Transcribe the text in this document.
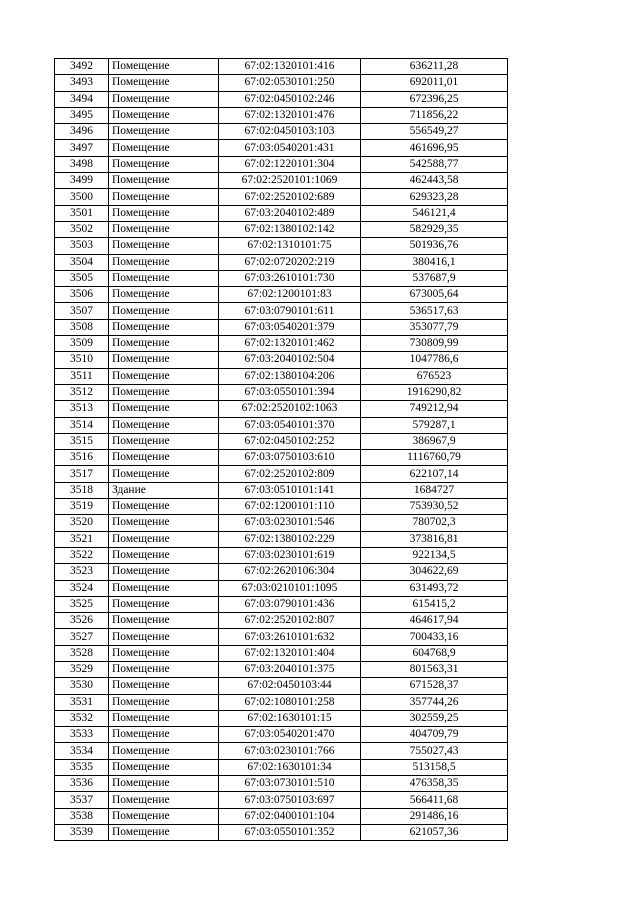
3492	Помещение	67:02:1320101:416	636211,28
3493	Помещение	67:02:0530101:250	692011,01
3494	Помещение	67:02:0450102:246	672396,25
3495	Помещение	67:02:1320101:476	711856,22
3496	Помещение	67:02:0450103:103	556549,27
3497	Помещение	67:03:0540201:431	461696,95
3498	Помещение	67:02:1220101:304	542588,77
3499	Помещение	67:02:2520101:1069	462443,58
3500	Помещение	67:02:2520102:689	629323,28
3501	Помещение	67:03:2040102:489	546121,4
3502	Помещение	67:02:1380102:142	582929,35
3503	Помещение	67:02:1310101:75	501936,76
3504	Помещение	67:02:0720202:219	380416,1
3505	Помещение	67:03:2610101:730	537687,9
3506	Помещение	67:02:1200101:83	673005,64
3507	Помещение	67:03:0790101:611	536517,63
3508	Помещение	67:03:0540201:379	353077,79
3509	Помещение	67:02:1320101:462	730809,99
3510	Помещение	67:03:2040102:504	1047786,6
3511	Помещение	67:02:1380104:206	676523
3512	Помещение	67:03:0550101:394	1916290,82
3513	Помещение	67:02:2520102:1063	749212,94
3514	Помещение	67:03:0540101:370	579287,1
3515	Помещение	67:02:0450102:252	386967,9
3516	Помещение	67:03:0750103:610	1116760,79
3517	Помещение	67:02:2520102:809	622107,14
3518	Здание	67:03:0510101:141	1684727
3519	Помещение	67:02:1200101:110	753930,52
3520	Помещение	67:03:0230101:546	780702,3
3521	Помещение	67:02:1380102:229	373816,81
3522	Помещение	67:03:0230101:619	922134,5
3523	Помещение	67:02:2620106:304	304622,69
3524	Помещение	67:03:0210101:1095	631493,72
3525	Помещение	67:03:0790101:436	615415,2
3526	Помещение	67:02:2520102:807	464617,94
3527	Помещение	67:03:2610101:632	700433,16
3528	Помещение	67:02:1320101:404	604768,9
3529	Помещение	67:03:2040101:375	801563,31
3530	Помещение	67:02:0450103:44	671528,37
3531	Помещение	67:02:1080101:258	357744,26
3532	Помещение	67:02:1630101:15	302559,25
3533	Помещение	67:03:0540201:470	404709,79
3534	Помещение	67:03:0230101:766	755027,43
3535	Помещение	67:02:1630101:34	513158,5
3536	Помещение	67:03:0730101:510	476358,35
3537	Помещение	67:03:0750103:697	566411,68
3538	Помещение	67:02:0400101:104	291486,16
3539	Помещение	67:03:0550101:352	621057,36
